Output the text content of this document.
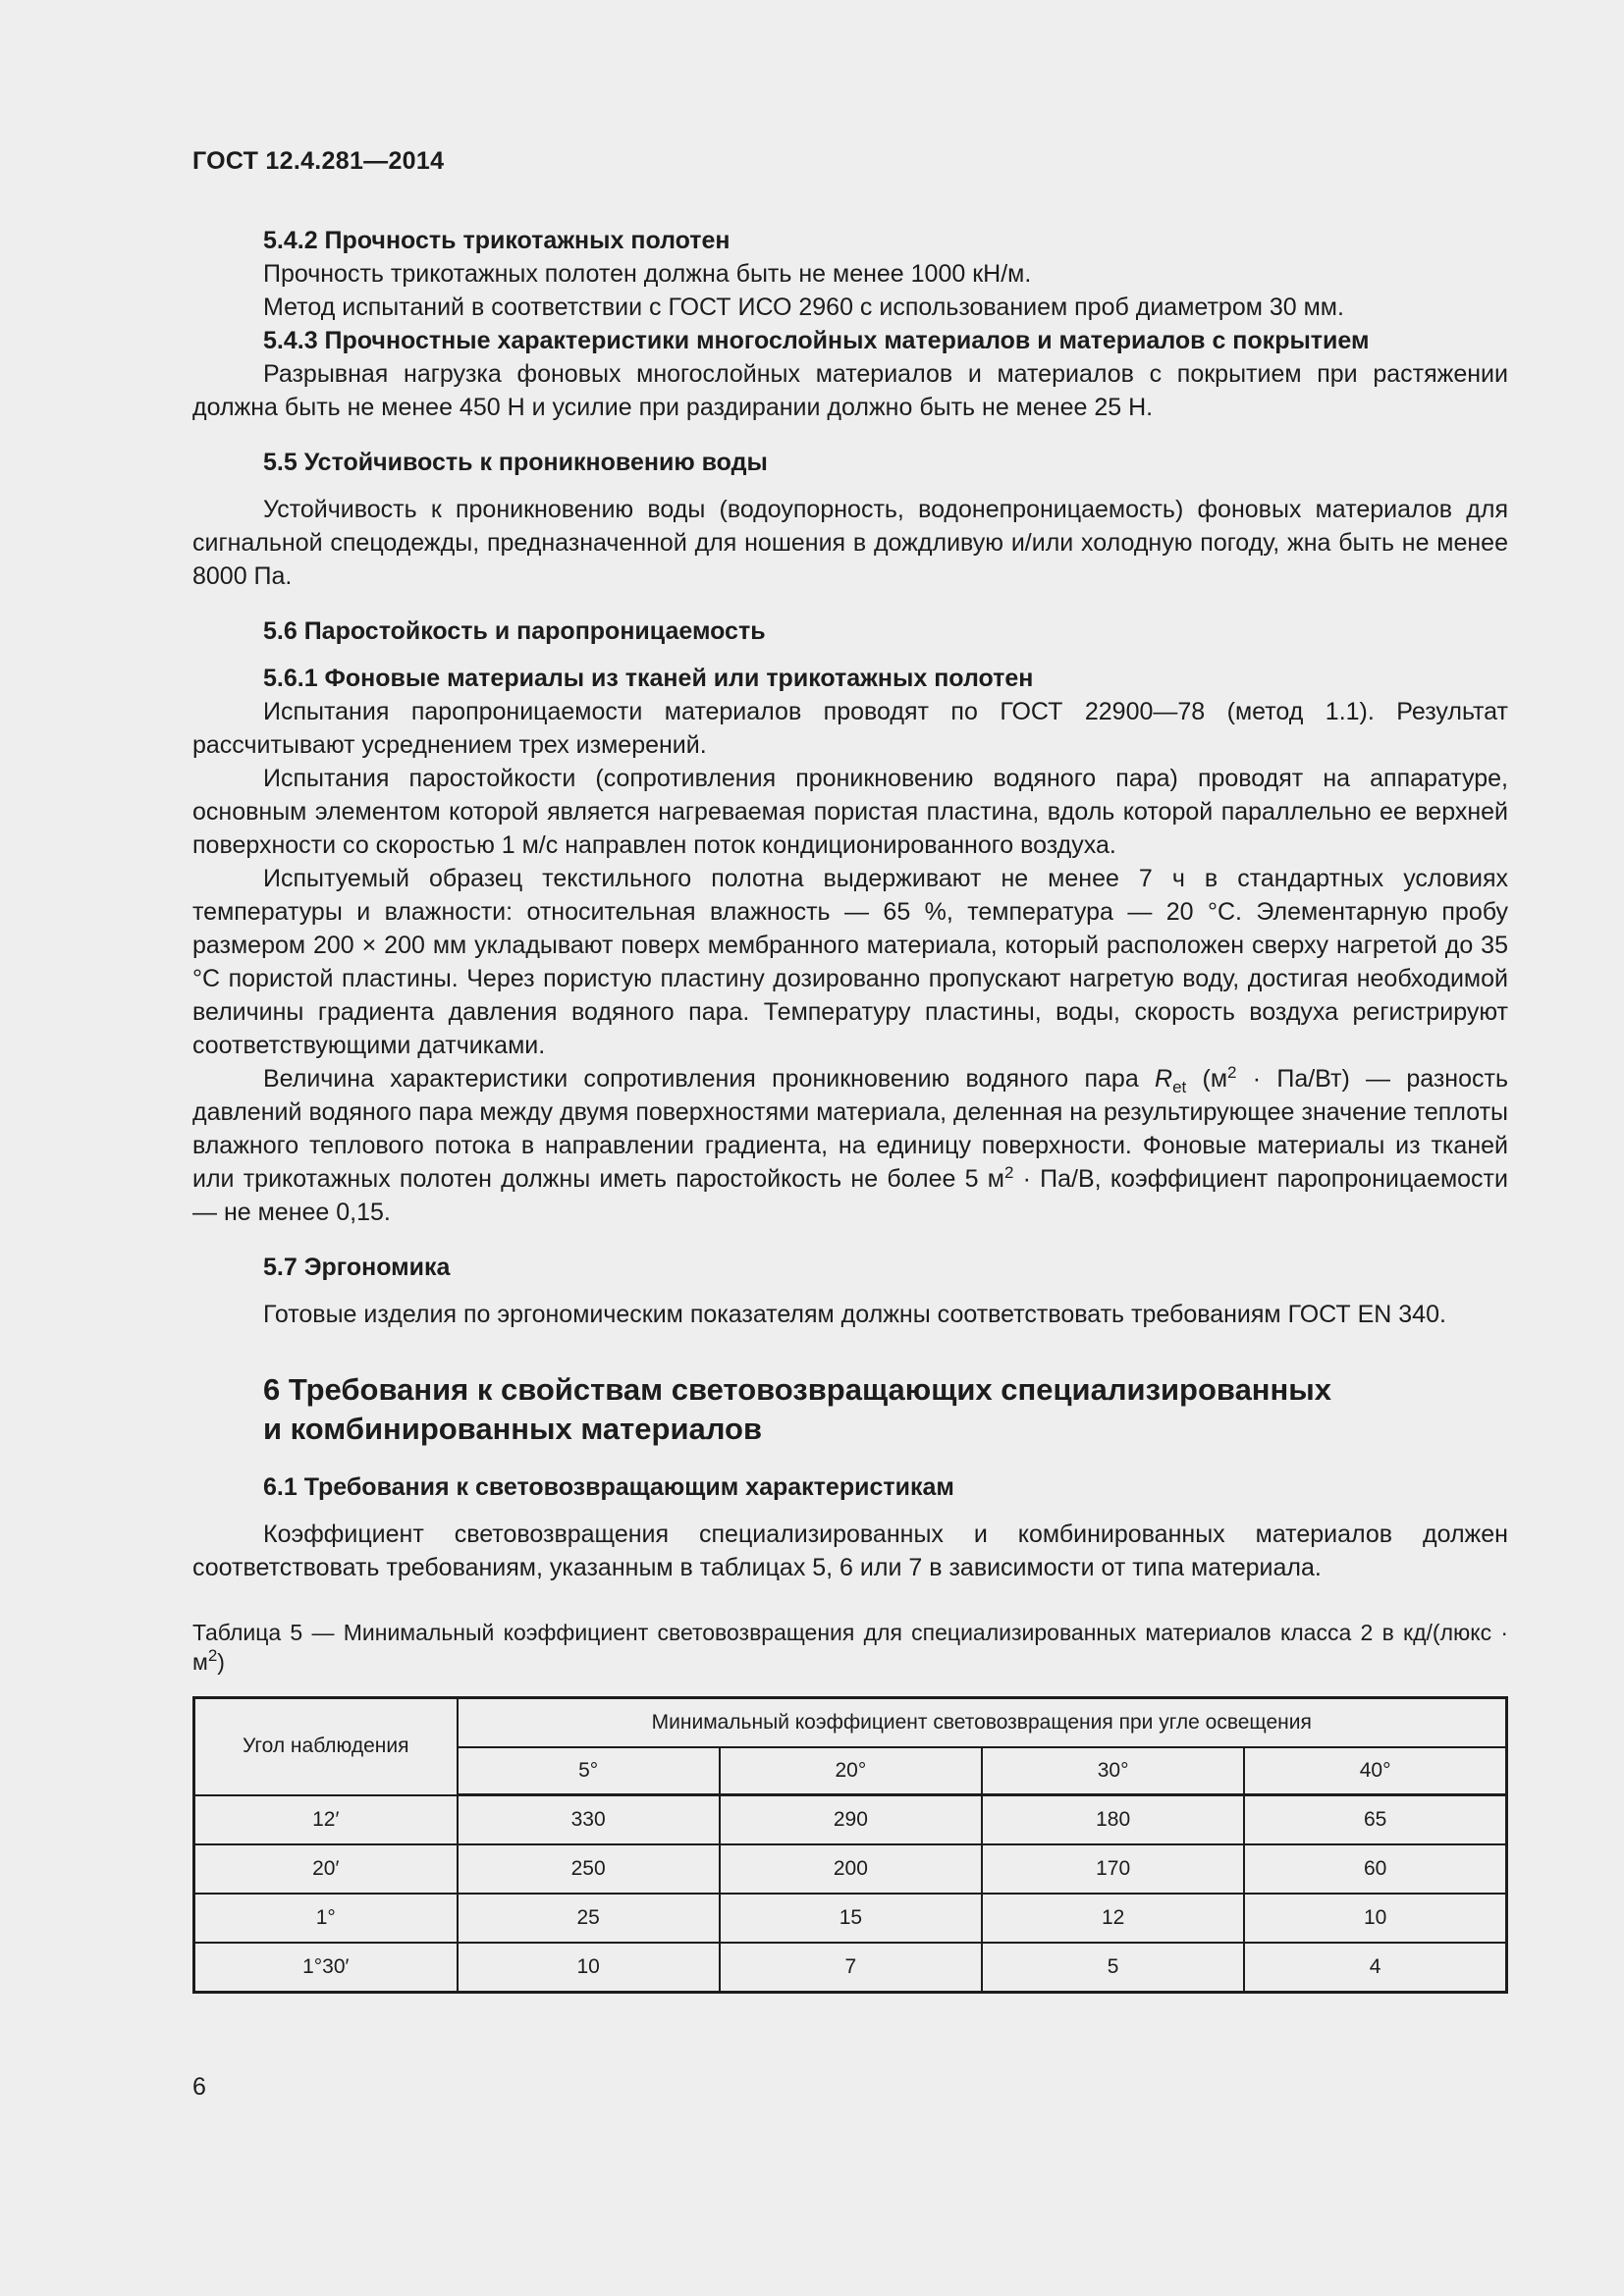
ГОСТ 12.4.281—2014
5.4.2 Прочность трикотажных полотен

Прочность трикотажных полотен должна быть не менее 1000 кН/м.

Метод испытаний в соответствии с ГОСТ ИСО 2960 с использованием проб диаметром 30 мм.

5.4.3 Прочностные характеристики многослойных материалов и материалов с покрытием

Разрывная нагрузка фоновых многослойных материалов и материалов с покрытием при растяжении должна быть не менее 450 Н и усилие при раздирании должно быть не менее 25 Н.

5.5 Устойчивость к проникновению воды

Устойчивость к проникновению воды (водоупорность, водонепроницаемость) фоновых материалов для сигнальной спецодежды, предназначенной для ношения в дождливую и/или холодную погоду, жна быть не менее 8000 Па.

5.6 Паростойкость и паропроницаемость
5.6.1 Фоновые материалы из тканей или трикотажных полотен

Испытания паропроницаемости материалов проводят по ГОСТ 22900—78 (метод 1.1). Результат рассчитывают усреднением трех измерений.

Испытания паростойкости (сопротивления проникновению водяного пара) проводят на аппаратуре, основным элементом которой является нагреваемая пористая пластина, вдоль которой параллельно ее верхней поверхности со скоростью 1 м/с направлен поток кондиционированного воздуха.

Испытуемый образец текстильного полотна выдерживают не менее 7 ч в стандартных условиях температуры и влажности: относительная влажность — 65 %, температура — 20 °С. Элементарную пробу размером 200 × 200 мм укладывают поверх мембранного материала, который расположен сверху нагретой до 35 °С пористой пластины. Через пористую пластину дозированно пропускают нагретую воду, достигая необходимой величины градиента давления водяного пара. Температуру пластины, воды, скорость воздуха регистрируют соответствующими датчиками.

Величина характеристики сопротивления проникновению водяного пара $R_{et}$ $(м^2 \cdot Па/Вт)$ — разность давлений водяного пара между двумя поверхностями материала, деленная на результирующее значение теплоты влажного теплового потока в направлении градиента, на единицу поверхности. Фоновые материалы из тканей или трикотажных полотен должны иметь паростойкость не более 5 $м^2 \cdot Па/В$, коэффициент паропроницаемости — не менее 0,15.

5.7 Эргономика

Готовые изделия по эргономическим показателям должны соответствовать требованиям ГОСТ EN 340.

6 Требования к свойствам световозвращающих специализированных
и комбинированных материалов
6.1 Требования к световозвращающим характеристикам

Коэффициент световозвращения специализированных и комбинированных материалов должен соответствовать требованиям, указанным в таблицах 5, 6 или 7 в зависимости от типа материала.

Таблица 5 — Минимальный коэффициент световозвращения для специализированных материалов класса 2 в кд/(люкс · $м^2$)
Угол наблюдения	Минимальный коэффициент световозвращения при угле освещения			
	5°	20°	30°	40°
12′	330	290	180	65
20′	250	200	170	60
1°	25	15	12	10
1°30′	10	7	5	4
6
